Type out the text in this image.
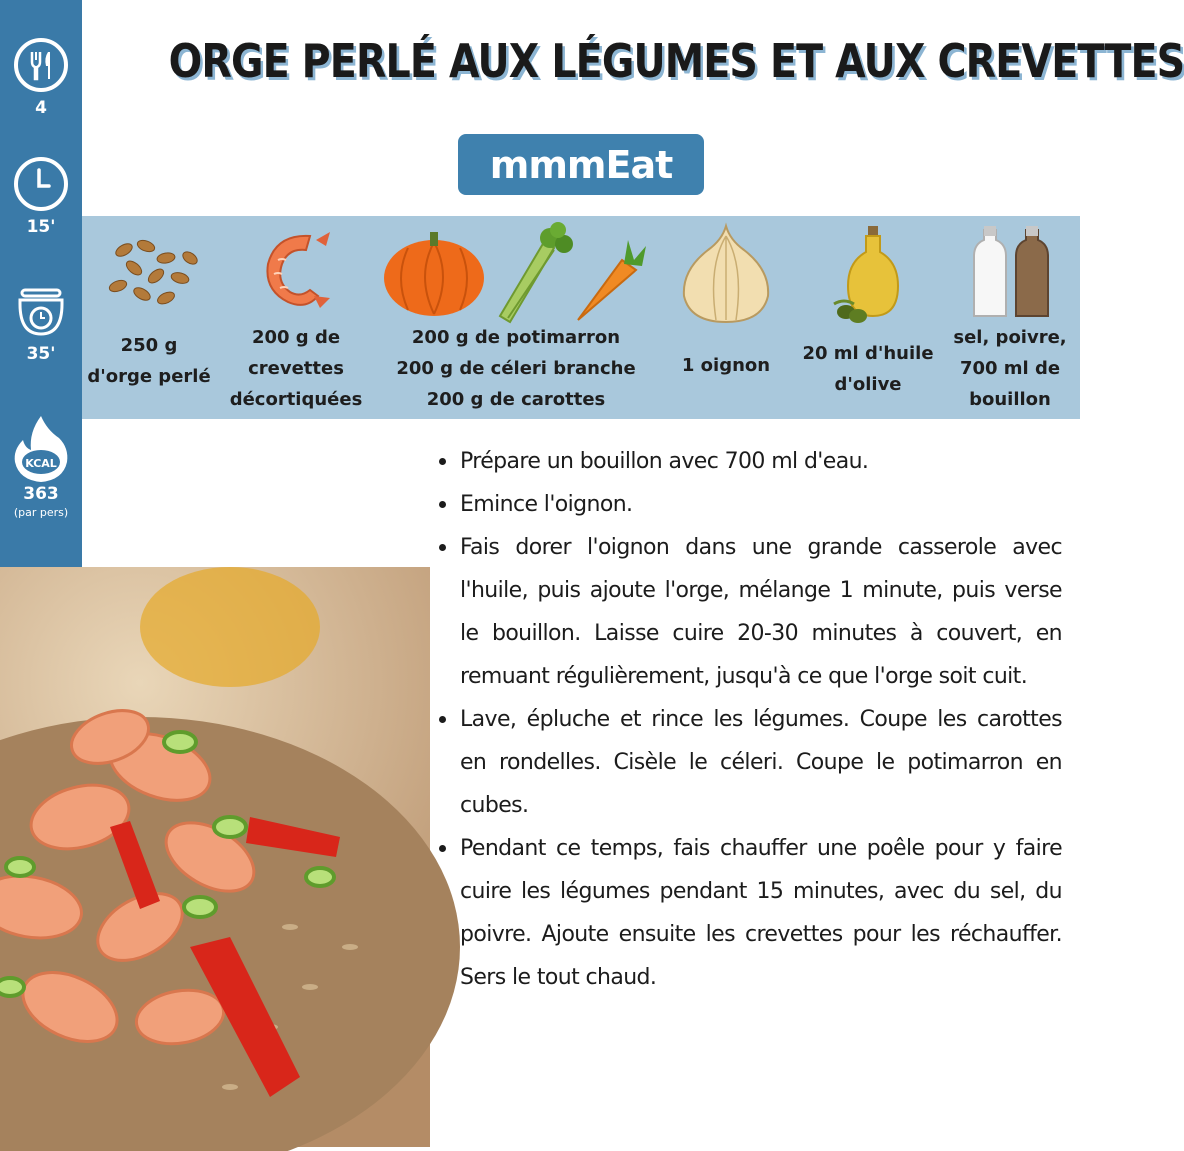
4
15'
35'
KCAL
363
(par pers)
ORGE PERLÉ AUX LÉGUMES ET AUX CREVETTES
mmmEat
250 g
d'orge perlé
200 g de
crevettes
décortiquées
200 g de potimarron
200 g de céleri branche
200 g de carottes
1 oignon
20 ml d'huile
d'olive
sel, poivre,
700 ml de
bouillon
Prépare un bouillon avec 700 ml d'eau.
Emince l'oignon.
Fais dorer l'oignon dans une grande casserole avec l'huile, puis ajoute l'orge, mélange 1 minute, puis verse le bouillon. Laisse cuire 20-30 minutes à couvert, en remuant régulièrement, jusqu'à ce que l'orge soit cuit.
Lave, épluche et rince les légumes. Coupe les carottes en rondelles. Cisèle le céleri. Coupe le potimarron en cubes.
Pendant ce temps, fais chauffer une poêle pour y faire cuire les légumes pendant 15 minutes, avec du sel, du poivre. Ajoute ensuite les crevettes pour les réchauffer. Sers le tout chaud.
